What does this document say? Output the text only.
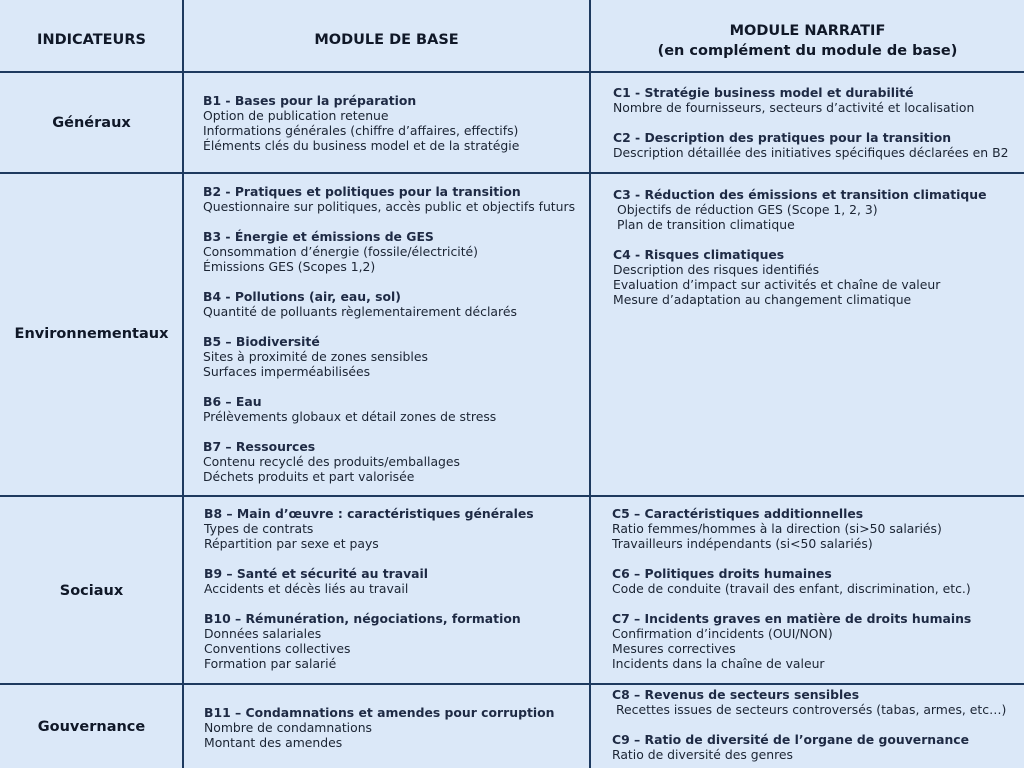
INDICATEURS	MODULE DE BASE
MODULE NARRATIF
(en complément du module de base)
Généraux
Environnementaux
Sociaux
Gouvernance
B1 - Bases pour la préparation
Option de publication retenue
Informations générales (chiffre d’affaires, effectifs)
Éléments clés du business model et de la stratégie
C1 - Stratégie business model et durabilité
Nombre de fournisseurs, secteurs d’activité et localisation
C2 - Description des pratiques pour la transition
Description détaillée des initiatives spécifiques déclarées en B2
B2 - Pratiques et politiques pour la transition
Questionnaire sur politiques, accès public et objectifs futurs
B3 - Énergie et émissions de GES
Consommation d’énergie (fossile/électricité)
Émissions GES (Scopes 1,2)
B4 - Pollutions (air, eau, sol)
Quantité de polluants règlementairement déclarés
B5 – Biodiversité
Sites à proximité de zones sensibles
Surfaces imperméabilisées
B6 – Eau
Prélèvements globaux et détail zones de stress
B7 – Ressources
Contenu recyclé des produits/emballages
Déchets produits et part valorisée
C3 - Réduction des émissions et transition climatique
Objectifs de réduction GES (Scope 1, 2, 3)
Plan de transition climatique
C4 - Risques climatiques
Description des risques identifiés
Evaluation d’impact sur activités et chaîne de valeur
Mesure d’adaptation au changement climatique
B8 – Main d’œuvre : caractéristiques générales
Types de contrats
Répartition par sexe et pays
B9 – Santé et sécurité au travail
Accidents et décès liés au travail
B10 – Rémunération, négociations, formation
Données salariales
Conventions collectives
Formation par salarié
C5 – Caractéristiques additionnelles
Ratio femmes/hommes à la direction (si>50 salariés)
Travailleurs indépendants (si<50 salariés)
C6 – Politiques droits humaines
Code de conduite (travail des enfant, discrimination, etc.)
C7 – Incidents graves en matière de droits humains
Confirmation d’incidents (OUI/NON)
Mesures correctives
Incidents dans la chaîne de valeur
B11 – Condamnations et amendes pour corruption
Nombre de condamnations
Montant des amendes
C8 – Revenus de secteurs sensibles
Recettes issues de secteurs controversés (tabas, armes, etc…)
C9 – Ratio de diversité de l’organe de gouvernance
Ratio de diversité des genres
